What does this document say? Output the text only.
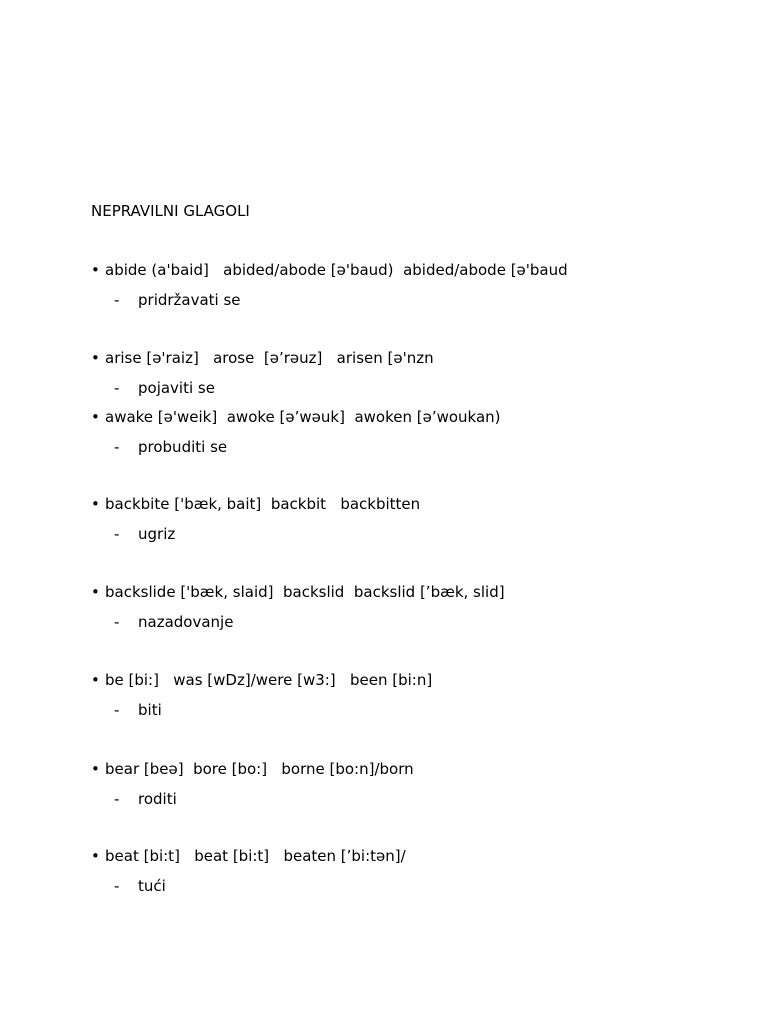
NEPRAVILNI GLAGOLI
• abide (a'baid]   abided/abode [ə'baud)  abided/abode [ə'baud
- pridržavati se
• arise [ə'raiz]   arose  [ə’rəuz]   arisen [ə'nzn
- pojaviti se
• awake [ə'weik]  awoke [ə’wəuk]  awoken [ə’woukan)
- probuditi se
• backbite ['bæk, bait]  backbit   backbitten
- ugriz
• backslide ['bæk, slaid]  backslid  backslid [’bæk, slid]
- nazadovanje
• be [bi:]   was [wDz]/were [w3:]   been [bi:n]
- biti
• bear [beə]  bore [bo:]   borne [bo:n]/born
- roditi
• beat [bi:t]   beat [bi:t]   beaten [’bi:tən]/
- tući
